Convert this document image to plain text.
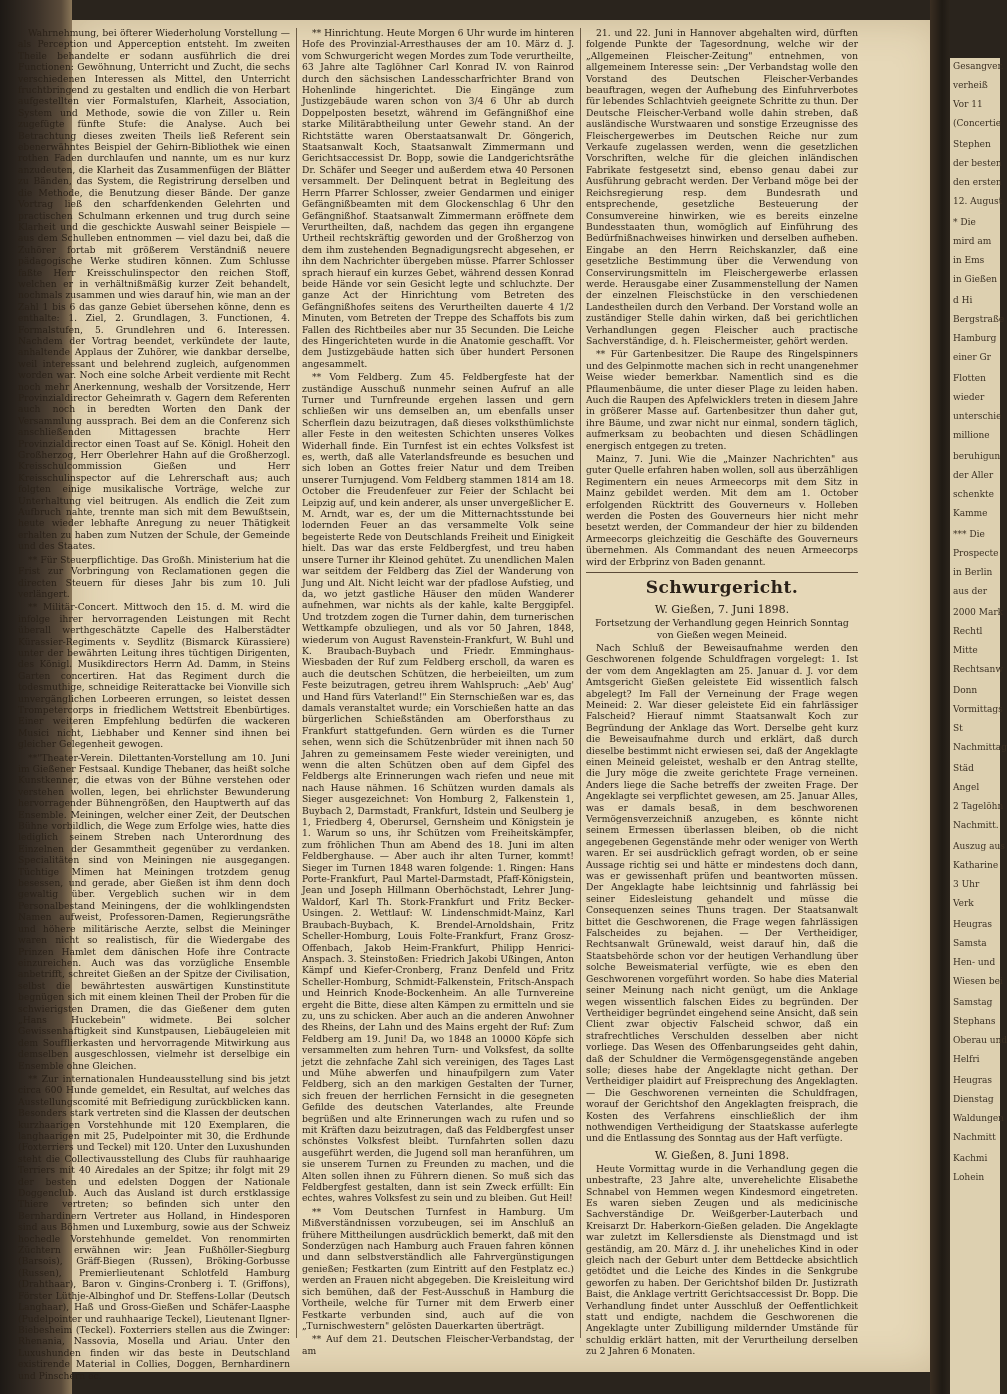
Gesangver.
verheiß
Vor 11
(Concertie
Stephen
der besten
den ersten
12. August
* Die
mird am
in Ems
in Gießen
d Hi
Bergstraße
Hamburg
einer Gr
Flotten
wieder
unterschie
millione
beruhigun
der Aller
schenkte
Kamme
*** Die
Prospecte
in Berlin
aus der
2000 Mark
Rechtl
Mitte
Rechtsanw
Donn
Vormittags
St
Nachmittag
Städ
Angel
2 Tagelöhn
Nachmitt.
Auszug aus
Katharine
3 Uhr
Verk
Heugras
Samsta
Hen- und
Wiesen bei
Samstag
Stephans
Oberau und
Helfri
Heugras
Dienstag
Waldungen
Nachmitt
Kachmi
Lohein

Wahrnehmung, bei öfterer Wiederholung Vorstellung — als Perception und Apperception entsteht. Im zweiten Theile behandelte er sodann ausführlich die drei Functionen: Gewöhnung, Unterricht und Zucht, die sechs verschiedenen Interessen als Mittel, den Unterricht fruchtbringend zu gestalten und endlich die von Herbart aufgestellten vier Formalstufen, Klarheit, Association, System und Methode, sowie die von Ziller u. Rein zugefügte fünfte Stufe: die Analyse. Auch bei Betrachtung dieses zweiten Theils ließ Referent sein ebenerwähntes Beispiel der Gehirn-Bibliothek wie einen rothen Faden durchlaufen und nannte, um es nur kurz anzudeuten, die Klarheit das Zusammenfügen der Blätter zu Bänden, das System, die Registrirung derselben und die Methode, die Benutzung dieser Bände. Der ganze Vortrag ließ den scharfdenkenden Gelehrten und practischen Schulmann erkennen und trug durch seine Klarheit und die geschickte Auswahl seiner Beispiele — aus dem Schulleben entnommen — viel dazu bei, daß die Zuhörer fortab mit größerem Verständniß neuere pädagogische Werke studiren können. Zum Schlusse faßte Herr Kreisschulinspector den reichen Stoff, welchen er in verhältnißmäßig kurzer Zeit behandelt, nochmals zusammen und wies darauf hin, wie man an der Zahl 1 bis 6 das ganze Gebiet übersehen könne, denn es enthalte: 1. Ziel, 2. Grundlagen, 3. Functionen, 4. Formalstufen, 5. Grundlehren und 6. Interessen. Nachdem der Vortrag beendet, verkündete der laute, anhaltende Applaus der Zuhörer, wie dankbar derselbe, weil interessant und belehrend zugleich, aufgenommen worden war. Noch eine solche Arbeit verdiente mit Recht noch mehr Anerkennung, weshalb der Vorsitzende, Herr Provinzialdirector Geheimrath v. Gagern dem Referenten auch noch in beredten Worten den Dank der Versammlung aussprach. Bei dem an die Conferenz sich anschließenden Mittagessen brachte Herr Provinzialdirector einen Toast auf Se. Königl. Hoheit den Großherzog, Herr Oberlehrer Hahn auf die Großherzogl. Kreisschulcommission Gießen und Herr Kreisschulinspector auf die Lehrerschaft aus; auch folgten einige musikalische Vorträge, welche zur Unterhaltung viel beitrugen. Als endlich die Zeit zum Aufbruch nahte, trennte man sich mit dem Bewußtsein, heute wieder lebhafte Anregung zu neuer Thätigkeit erhalten zu haben zum Nutzen der Schule, der Gemeinde und des Staates.

** Für Steuerpflichtige. Das Großh. Ministerium hat die Frist zur Vorbringung von Reclamationen gegen die directen Steuern für dieses Jahr bis zum 10. Juli verlängert.

** Militär-Concert. Mittwoch den 15. d. M. wird die infolge ihrer hervorragenden Leistungen mit Recht überall werthgeschätzte Capelle des Halberstädter Kürassier-Regiments v. Seydlitz (Bismarck Kürassiere) unter der bewährten Leitung ihres tüchtigen Dirigenten, des Königl. Musikdirectors Herrn Ad. Damm, in Steins Garten concertiren. Hat das Regiment durch die todesmuthige, schneidige Reiterattacke bei Vionville sich unvergänglichen Lorbeeren errungen, so leistet dessen Trompetercorps in friedlichem Wettstreit Ebenbürtiges. Einer weiteren Empfehlung bedürfen die wackeren Musici nicht, Liebhaber und Kenner sind ihnen bei gleicher Gelegenheit gewogen.

**"Theater-Verein. Dilettanten-Vorstellung am 10. Juni im Gießener Festsaal. Kundige Thebaner, das heißt solche Kunstkenner, die etwas von der Bühne verstehen oder verstehen wollen, legen, bei ehrlichster Bewunderung hervorragender Bühnengrößen, den Hauptwerth auf das Ensemble. Meiningen, welcher einer Zeit, der Deutschen Bühne vorbildlich, die Wege zum Erfolge wies, hatte dies lediglich seinem Streben nach Unterordnung des Einzelnen der Gesammtheit gegenüber zu verdanken. Specialitäten sind von Meiningen nie ausgegangen. Tüchtige Mimen hat Meiningen trotzdem genug besessen, und gerade, aber Gießen ist ihm denn doch gewaltig über. Vergeblich suchen wir in dem Personalbestand Meiningens, der die wohlklingendsten Namen aufweist, Professoren-Damen, Regierungsräthe und höhere militärische Aerzte, selbst die Meininger waren nicht so realistisch, für die Wiedergabe des Prinzen Hamlet dem dänischen Hofe ihre Contracte einzureichen. Auch was das vorzügliche Ensemble anbetrifft, schreitet Gießen an der Spitze der Civilisation, selbst die bewährtesten auswärtigen Kunstinstitute begnügen sich mit einem kleinen Theil der Proben für die schwierigsten Dramen, die das Gießener dem guten „Hans Huckebein" widmete. Bei solcher Gewissenhaftigkeit sind Kunstpausen, Liebäugeleien mit dem Soufflierkasten und hervorragende Mitwirkung aus demselben ausgeschlossen, vielmehr ist derselbige ein Ensemble ohne Gleichen.

** Zur internationalen Hundeausstellung sind bis jetzt circa 600 Hunde gemeldet, ein Resultat, auf welches das Ausstellungscomité mit Befriedigung zurückblicken kann. Besonders stark vertreten sind die Klassen der deutschen kurzhaarigen Vorstehhunde mit 120 Exemplaren, die langhaarigen mit 25, Pudelpointer mit 30, die Erdhunde (Foxterriers und Teckel) mit 120. Unter den Luxushunden steht die Collectivausstellung des Clubs für rauhhaarige Terriers mit 40 Airedales an der Spitze; ihr folgt mit 29 der besten und edelsten Doggen der Nationale Doggenclub. Auch das Ausland ist durch erstklassige Thiere vertreten; so befinden sich unter den Bernhardinern Vertreter aus Holland, in Hindesporen sind aus Böhmen und Luxemburg, sowie aus der Schweiz hochedle Vorstehhunde gemeldet. Von renommirten Züchtern erwähnen wir: Jean Fußhöller-Siegburg (Barsois), Gräff-Biegen (Russen), Bröking-Gorbusse (Russen), Premierlieutenant Schlotfeld Hamburg (Drahthaar), Baron v. Gingins-Cronberg i. T. (Griffons), Förster Lüthje-Albinghof und Dr. Steffens-Lollar (Deutsch Langhaar), Haß und Gross-Gießen und Schäfer-Laasphe (Pudelpointer und rauhhaarige Teckel), Lieutenant Ilgner-Biebesheim (Teckel). Foxterriers stellen aus die Zwinger: Rhenania, Nassovia, Mosella und Ariau. Unter den Luxushunden finden wir das beste in Deutschland existirende Material in Collies, Doggen, Bernhardinern und Pinschern ec.

** Hinrichtung. Heute Morgen 6 Uhr wurde im hinteren Hofe des Provinzial-Arresthauses der am 10. März d. J. vom Schwurgericht wegen Mordes zum Tode verurtheilte, 63 Jahre alte Taglöhner Carl Konrad IV. von Rainrod durch den sächsischen Landesscharfrichter Brand von Hohenlinde hingerichtet. Die Eingänge zum Justizgebäude waren schon von 3/4 6 Uhr ab durch Doppelposten besetzt, während im Gefängnißhof eine starke Militärabtheilung unter Gewehr stand. An der Richtstätte waren Oberstaatsanwalt Dr. Göngerich, Staatsanwalt Koch, Staatsanwalt Zimmermann und Gerichtsaccessist Dr. Bopp, sowie die Landgerichtsräthe Dr. Schäfer und Seeger und außerdem etwa 40 Personen versammelt. Der Delinquent betrat in Begleitung des Herrn Pfarrer Schlosser, zweier Gendarmen und einiger Gefängnißbeamten mit dem Glockenschlag 6 Uhr den Gefängnißhof. Staatsanwalt Zimmermann eröffnete dem Verurtheilten, daß, nachdem das gegen ihn ergangene Urtheil rechtskräftig geworden und der Großherzog von dem ihm zustehenden Begnadigungsrecht abgesehen, er ihn dem Nachrichter übergeben müsse. Pfarrer Schlosser sprach hierauf ein kurzes Gebet, während dessen Konrad beide Hände vor sein Gesicht legte und schluchzte. Der ganze Act der Hinrichtung vom Betreten des Gefängnißhofes seitens des Verurtheilten dauerte 4 1/2 Minuten, vom Betreten der Treppe des Schaffots bis zum Fallen des Richtbeiles aber nur 35 Secunden. Die Leiche des Hingerichteten wurde in die Anatomie geschafft. Vor dem Justizgebäude hatten sich über hundert Personen angesammelt.

** Vom Feldberg. Zum 45. Feldbergfeste hat der zuständige Ausschuß nunmehr seinen Aufruf an alle Turner und Turnfreunde ergehen lassen und gern schließen wir uns demselben an, um ebenfalls unser Scherflein dazu beizutragen, daß dieses volksthümlichste aller Feste in den weitesten Schichten unseres Volkes Widerhall finde. Ein Turnfest ist ein echtes Volksfest ist es, werth, daß alle Vaterlandsfreunde es besuchen und sich loben an Gottes freier Natur und dem Treiben unserer Turnjugend. Vom Feldberg stammen 1814 am 18. October die Freudenfeuer zur Feier der Schlacht bei Leipzig auf, und kein anderer, als unser unvergeßlicher E. M. Arndt, war es, der um die Mitternachtsstunde bei lodernden Feuer an das versammelte Volk seine begeisterte Rede von Deutschlands Freiheit und Einigkeit hielt. Das war das erste Feldbergfest, und treu haben unsere Turner ihr Kleinod gehütet. Zu unendlichen Malen war seitdem der Feldberg das Ziel der Wanderung von Jung und Alt. Nicht leicht war der pfadlose Aufstieg, und da, wo jetzt gastliche Häuser den müden Wanderer aufnehmen, war nichts als der kahle, kalte Berggipfel. Und trotzdem zogen die Turner dahin, dem turnerischen Wettkampfe obzuliegen, und als vor 50 Jahren, 1848, wiederum von August Ravenstein-Frankfurt, W. Buhl und K. Braubach-Buybach und Friedr. Emminghaus-Wiesbaden der Ruf zum Feldberg erscholl, da waren es auch die deutschen Schützen, die herbeieilten, um zum Feste beizutragen, getreu ihrem Wahlspruch: „Aeb' Aug' und Hand fürs Vaterland!" Ein Sternschießen war es, das damals veranstaltet wurde; ein Vorschießen hatte an das bürgerlichen Schießständen am Oberforsthaus zu Frankfurt stattgefunden. Gern würden es die Turner sehen, wenn sich die Schützenbrüder mit ihnen nach 50 Jahren zu gemeinsamem Feste wieder vereinigten, und wenn die alten Schützen oben auf dem Gipfel des Feldbergs alte Erinnerungen wach riefen und neue mit nach Hause nähmen. 16 Schützen wurden damals als Sieger ausgezeichnet: Von Homburg 2, Falkenstein 1, Buybach 2, Darmstadt, Frankfurt, Idstein und Seulberg je 1, Friedberg 4, Oberursel, Gernsheim und Königstein je 1. Warum so uns, ihr Schützen vom Freiheitskämpfer, zum fröhlichen Thun am Abend des 18. Juni im alten Feldberghause. — Aber auch ihr alten Turner, kommt! Sieger im Turnen 1848 waren folgende: 1. Ringen: Hans Porte-Frankfurt, Paul Martel-Darmstadt, Pfaff-Königstein, Jean und Joseph Hillmann Oberhöchstadt, Lehrer Jung-Waldorf, Karl Th. Stork-Frankfurt und Fritz Becker-Usingen. 2. Wettlauf: W. Lindenschmidt-Mainz, Karl Braubach-Buybach, K. Brendel-Arnoldshain, Fritz Scheller-Homburg, Louis Folte-Frankfurt, Franz Grosz-Offenbach, Jakob Heim-Frankfurt, Philipp Henrici-Anspach. 3. Steinstoßen: Friedrich Jakobi Ußingen, Anton Kämpf und Kiefer-Cronberg, Franz Denfeld und Fritz Scheller-Homburg, Schmidt-Falkenstein, Fritsch-Anspach und Heinrich Knode-Bockenheim. An alle Turnvereine ergeht die Bitte, diese alten Kämpen zu ermitteln und sie zu, uns zu schicken. Aber auch an die anderen Anwohner des Rheins, der Lahn und des Mains ergeht der Ruf: Zum Feldberg am 19. Juni! Da, wo 1848 an 10000 Köpfe sich versammelten zum hehren Turn- und Volksfest, da sollte jetzt die zehnfache Zahl sich vereinigen, des Tages Last und Mühe abwerfen und hinaufpilgern zum Vater Feldberg, sich an den markigen Gestalten der Turner, sich freuen der herrlichen Fernsicht in die gesegneten Gefilde des deutschen Vaterlandes, alte Freunde begrüßen und alte Erinnerungen wach zu rufen und so mit Kräften dazu beizutragen, daß das Feldbergfest unser schönstes Volksfest bleibt. Turnfahrten sollen dazu ausgeführt werden, die Jugend soll man heranführen, um sie unserem Turnen zu Freunden zu machen, und die Alten sollen ihnen zu Führern dienen. So muß sich das Feldbergfest gestalten, dann ist sein Zweck erfüllt: Ein echtes, wahres Volksfest zu sein und zu bleiben. Gut Heil!

** Vom Deutschen Turnfest in Hamburg. Um Mißverständnissen vorzubeugen, sei im Anschluß an frühere Mittheilungen ausdrücklich bemerkt, daß mit den Sonderzügen nach Hamburg auch Frauen fahren können und dann selbstverständlich alle Fahrvergünstigungen genießen; Festkarten (zum Eintritt auf den Festplatz ec.) werden an Frauen nicht abgegeben. Die Kreisleitung wird sich bemühen, daß der Fest-Ausschuß in Hamburg die Vortheile, welche für Turner mit dem Erwerb einer Festkarte verbunden sind, auch auf die von „Turnischwestern" gelösten Dauerkarten überträgt.

** Auf dem 21. Deutschen Fleischer-Verbandstag, der am

21. und 22. Juni in Hannover abgehalten wird, dürften folgende Punkte der Tagesordnung, welche wir der „Allgemeinen Fleischer-Zeitung" entnehmen, von allgemeinem Interesse sein: „Der Verbandstag wolle den Vorstand des Deutschen Fleischer-Verbandes beauftragen, wegen der Aufhebung des Einfuhrverbotes für lebendes Schlachtvieh geeignete Schritte zu thun. Der Deutsche Fleischer-Verband wolle dahin streben, daß ausländische Wurstwaaren und sonstige Erzeugnisse des Fleischergewerbes im Deutschen Reiche nur zum Verkaufe zugelassen werden, wenn die gesetzlichen Vorschriften, welche für die gleichen inländischen Fabrikate festgesetzt sind, ebenso genau dabei zur Ausführung gebracht werden. Der Verband möge bei der Reichsregierung resp. dem Bundesrath und entsprechende, gesetzliche Besteuerung der Consumvereine hinwirken, wie es bereits einzelne Bundesstaaten thun, womöglich auf Einführung des Bedürfnißnachweises hinwirken und derselben aufheben. Eingabe an den Herrn Reichskanzler, daß eine gesetzliche Bestimmung über die Verwendung von Conservirungsmitteln im Fleischergewerbe erlassen werde. Herausgabe einer Zusammenstellung der Namen der einzelnen Fleischstücke in den verschiedenen Landestheilen durch den Verband. Der Vorstand wolle an zuständiger Stelle dahin wirken, daß bei gerichtlichen Verhandlungen gegen Fleischer auch practische Sachverständige, d. h. Fleischermeister, gehört werden.

** Für Gartenbesitzer. Die Raupe des Ringelspinners und des Gelpinmotte machen sich in recht unangenehmer Weise wieder bemerkbar. Namentlich sind es die Pflaumenbäume, die unter dieser Plage zu leiden haben. Auch die Raupen des Apfelwicklers treten in diesem Jahre in größerer Masse auf. Gartenbesitzer thun daher gut, ihre Bäume, und zwar nicht nur einmal, sondern täglich, aufmerksam zu beobachten und diesen Schädlingen energisch entgegen zu treten.

Mainz, 7. Juni. Wie die „Mainzer Nachrichten" aus guter Quelle erfahren haben wollen, soll aus überzähligen Regimentern ein neues Armeecorps mit dem Sitz in Mainz gebildet werden. Mit dem am 1. October erfolgenden Rücktritt des Gouverneurs v. Holleben werden die Posten des Gouverneurs hier nicht mehr besetzt werden, der Commandeur der hier zu bildenden Armeecorps gleichzeitig die Geschäfte des Gouverneurs übernehmen. Als Commandant des neuen Armeecorps wird der Erbprinz von Baden genannt.

Schwurgericht.
W. Gießen, 7. Juni 1898.

Fortsetzung der Verhandlung gegen Heinrich Sonntag von Gießen wegen Meineid.

Nach Schluß der Beweisaufnahme werden den Geschworenen folgende Schuldfragen vorgelegt: 1. Ist der vom dem Angeklagten am 25. Januar d. J. vor dem Amtsgericht Gießen geleistete Eid wissentlich falsch abgelegt? Im Fall der Verneinung der Frage wegen Meineid: 2. War dieser geleistete Eid ein fahrlässiger Falscheid? Hierauf nimmt Staatsanwalt Koch zur Begründung der Anklage das Wort. Derselbe geht kurz die Beweisaufnahme durch und erklärt, daß durch dieselbe bestimmt nicht erwiesen sei, daß der Angeklagte einen Meineid geleistet, weshalb er den Antrag stellte, die Jury möge die zweite gerichtete Frage verneinen. Anders liege die Sache betreffs der zweiten Frage. Der Angeklagte sei verpflichtet gewesen, am 25. Januar Alles, was er damals besaß, in dem beschworenen Vermögensverzeichniß anzugeben, es könnte nicht seinem Ermessen überlassen bleiben, ob die nicht angegebenen Gegenstände mehr oder weniger von Werth waren. Er sei ausdrücklich gefragt worden, ob er seine Aussage richtig sei und hätte er mindestens doch dann, was er gewissenhaft prüfen und beantworten müssen. Der Angeklagte habe leichtsinnig und fahrlässig bei seiner Eidesleistung gehandelt und müsse die Consequenzen seines Thuns tragen. Der Staatsanwalt bittet die Geschworenen, die Frage wegen fahrlässigen Falscheides zu bejahen. — Der Vertheidiger, Rechtsanwalt Grünewald, weist darauf hin, daß die Staatsbehörde schon vor der heutigen Verhandlung über solche Beweismaterial verfügte, wie es eben den Geschworenen vorgeführt worden. So habe dies Material seiner Meinung nach nicht genügt, um die Anklage wegen wissentlich falschen Eides zu begründen. Der Vertheidiger begründet eingehend seine Ansicht, daß sein Client zwar objectiv Falscheid schwor, daß ein strafrechtliches Verschulden desselben aber nicht vorliege. Das Wesen des Offenbarungseides geht dahin, daß der Schuldner die Vermögensgegenstände angeben solle; dieses habe der Angeklagte nicht gethan. Der Vertheidiger plaidirt auf Freisprechung des Angeklagten. — Die Geschworenen verneinten die Schuldfragen, worauf der Gerichtshof den Angeklagten freisprach, die Kosten des Verfahrens einschließlich der ihm nothwendigen Vertheidigung der Staatskasse auferlegte und die Entlassung des Sonntag aus der Haft verfügte.

W. Gießen, 8. Juni 1898.

Heute Vormittag wurde in die Verhandlung gegen die unbestrafte, 23 Jahre alte, unverehelichte Elisabethe Schnabel von Hemmen wegen Kindesmord eingetreten. Es waren sieben Zeugen und als medicinische Sachverständige Dr. Weißgerber-Lauterbach und Kreisarzt Dr. Haberkorn-Gießen geladen. Die Angeklagte war zuletzt im Kellersdienste als Dienstmagd und ist geständig, am 20. März d. J. ihr uneheliches Kind in oder gleich nach der Geburt unter dem Bettdecke absichtlich getödtet und die Leiche des Kindes in die Senkgrube geworfen zu haben. Der Gerichtshof bilden Dr. Justizrath Baist, die Anklage vertritt Gerichtsaccessist Dr. Bopp. Die Verhandlung findet unter Ausschluß der Oeffentlichkeit statt und endigte, nachdem die Geschworenen die Angeklagte unter Zubilligung mildernder Umstände für schuldig erklärt hatten, mit der Verurtheilung derselben zu 2 Jahren 6 Monaten.
